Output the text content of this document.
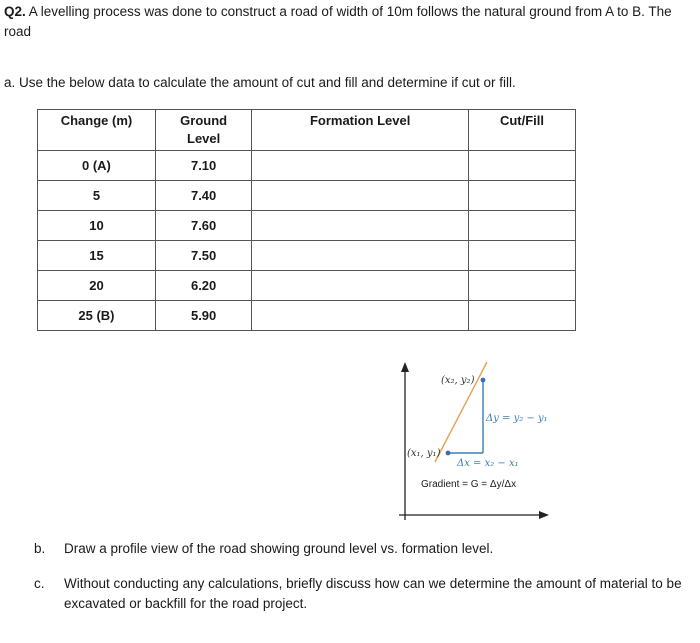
Q2. A levelling process was done to construct a road of width of 10m follows the natural ground from A to B. The road
a. Use the below data to calculate the amount of cut and fill and determine if cut or fill.
Change (m)	Ground Level	Formation Level	Cut/Fill
0 (A)	7.10		
5	7.40		
10	7.60		
15	7.50		
20	6.20		
25 (B)	5.90		
(x₂, y₂)
(x₁, y₁)
Δy = y₂ − y₁
Δx = x₂ − x₁
Gradient = G = Δy/Δx
b. Draw a profile view of the road showing ground level vs. formation level.
c. Without conducting any calculations, briefly discuss how can we determine the amount of material to be excavated or backfill for the road project.
